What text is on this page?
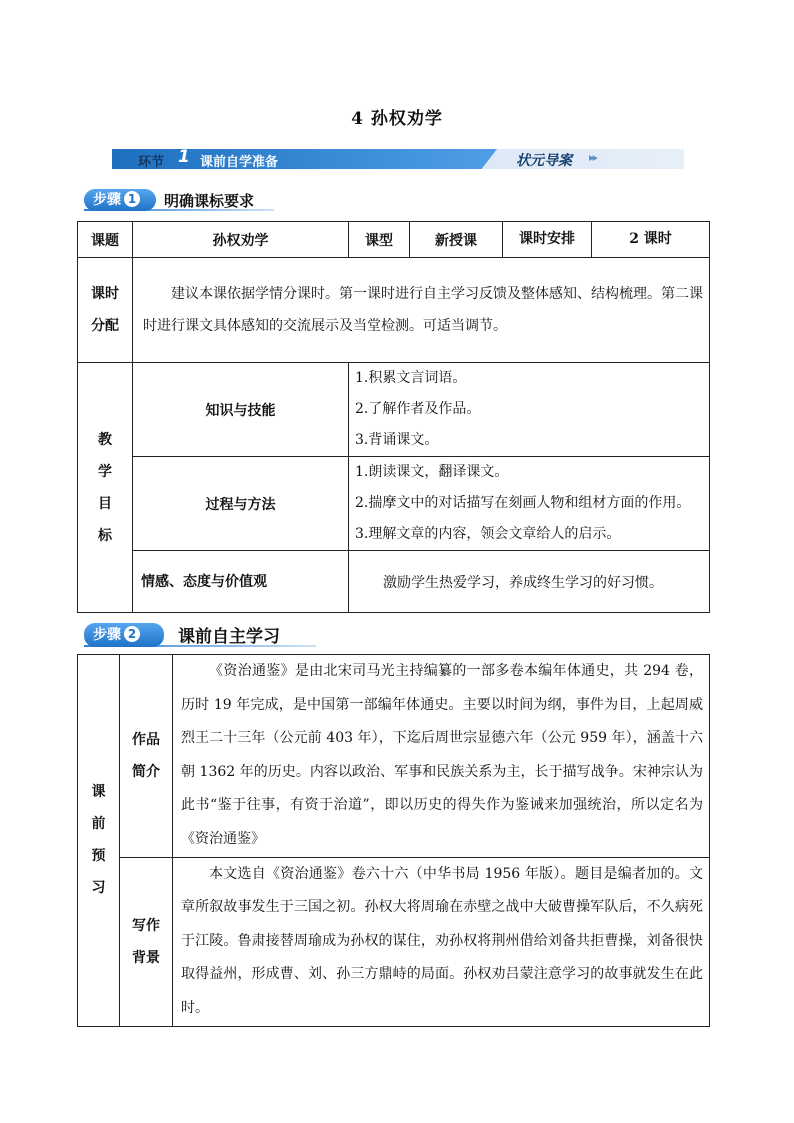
4 孙权劝学
环节 1 课前自学准备	状元导案 ▸▸
步骤 1	明确课标要求
课题	孙权劝学	课型	新授课	课时安排 2 课时

课时分配	建议本课依据学情分课时。第一课时进行自主学习反馈及整体感知、结构梳理。第二课时进行课文具体感知的交流展示及当堂检测。可适当调节。			
教学目标	知识与技能	1.积累文言词语。
2.了解作者及作品。
3.背诵课文。		

	过程与方法	1.朗读课文，翻译课文。
2.揣摩文中的对话描写在刻画人物和组材方面的作用。
3.理解文章的内容，领会文章给人的启示。		

	情感、态度与价值观	激励学生热爱学习，养成终生学习的好习惯。		
步骤 2	课前自主学习
课前预习	作品简介	《资治通鉴》是由北宋司马光主持编纂的一部多卷本编年体通史，共 294 卷，历时 19 年完成，是中国第一部编年体通史。主要以时间为纲，事件为目，上起周威烈王二十三年（公元前 403 年），下迄后周世宗显德六年（公元 959 年），涵盖十六朝 1362 年的历史。内容以政治、军事和民族关系为主，长于描写战争。宋神宗认为此书“鉴于往事，有资于治道”，即以历史的得失作为鉴诫来加强统治，所以定名为《资治通鉴》
	写作背景	本文选自《资治通鉴》卷六十六（中华书局 1956 年版）。题目是编者加的。文章所叙故事发生于三国之初。孙权大将周瑜在赤壁之战中大破曹操军队后，不久病死于江陵。鲁肃接替周瑜成为孙权的谋住，劝孙权将荆州借给刘备共拒曹操，刘备很快取得益州，形成曹、刘、孙三方鼎峙的局面。孙权劝吕蒙注意学习的故事就发生在此时。
